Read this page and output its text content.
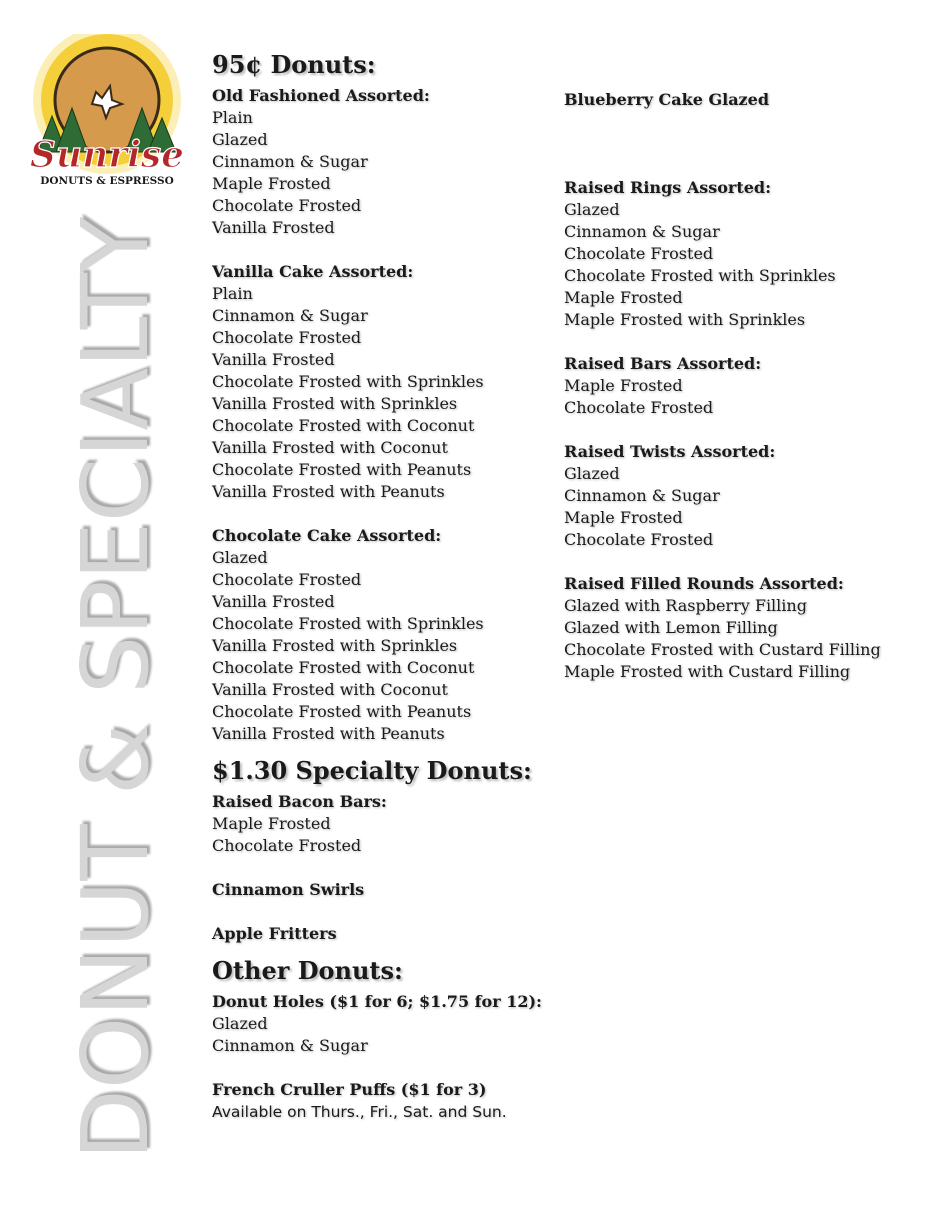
Sunrise
DONUTS & ESPRESSO
DONUT & SPECIALTY
95¢ Donuts:
Old Fashioned Assorted:
Plain
Glazed
Cinnamon & Sugar
Maple Frosted
Chocolate Frosted
Vanilla Frosted
Vanilla Cake Assorted:
Plain
Cinnamon & Sugar
Chocolate Frosted
Vanilla Frosted
Chocolate Frosted with Sprinkles
Vanilla Frosted with Sprinkles
Chocolate Frosted with Coconut
Vanilla Frosted with Coconut
Chocolate Frosted with Peanuts
Vanilla Frosted with Peanuts
Chocolate Cake Assorted:
Glazed
Chocolate Frosted
Vanilla Frosted
Chocolate Frosted with Sprinkles
Vanilla Frosted with Sprinkles
Chocolate Frosted with Coconut
Vanilla Frosted with Coconut
Chocolate Frosted with Peanuts
Vanilla Frosted with Peanuts
$1.30 Specialty Donuts:
Raised Bacon Bars:
Maple Frosted
Chocolate Frosted
Cinnamon Swirls
Apple Fritters
Other Donuts:
Donut Holes ($1 for 6; $1.75 for 12):
Glazed
Cinnamon & Sugar
French Cruller Puffs ($1 for 3)
Available on Thurs., Fri., Sat. and Sun.
Blueberry Cake Glazed
Raised Rings Assorted:
Glazed
Cinnamon & Sugar
Chocolate Frosted
Chocolate Frosted with Sprinkles
Maple Frosted
Maple Frosted with Sprinkles
Raised Bars Assorted:
Maple Frosted
Chocolate Frosted
Raised Twists Assorted:
Glazed
Cinnamon & Sugar
Maple Frosted
Chocolate Frosted
Raised Filled Rounds Assorted:
Glazed with Raspberry Filling
Glazed with Lemon Filling
Chocolate Frosted with Custard Filling
Maple Frosted with Custard Filling
